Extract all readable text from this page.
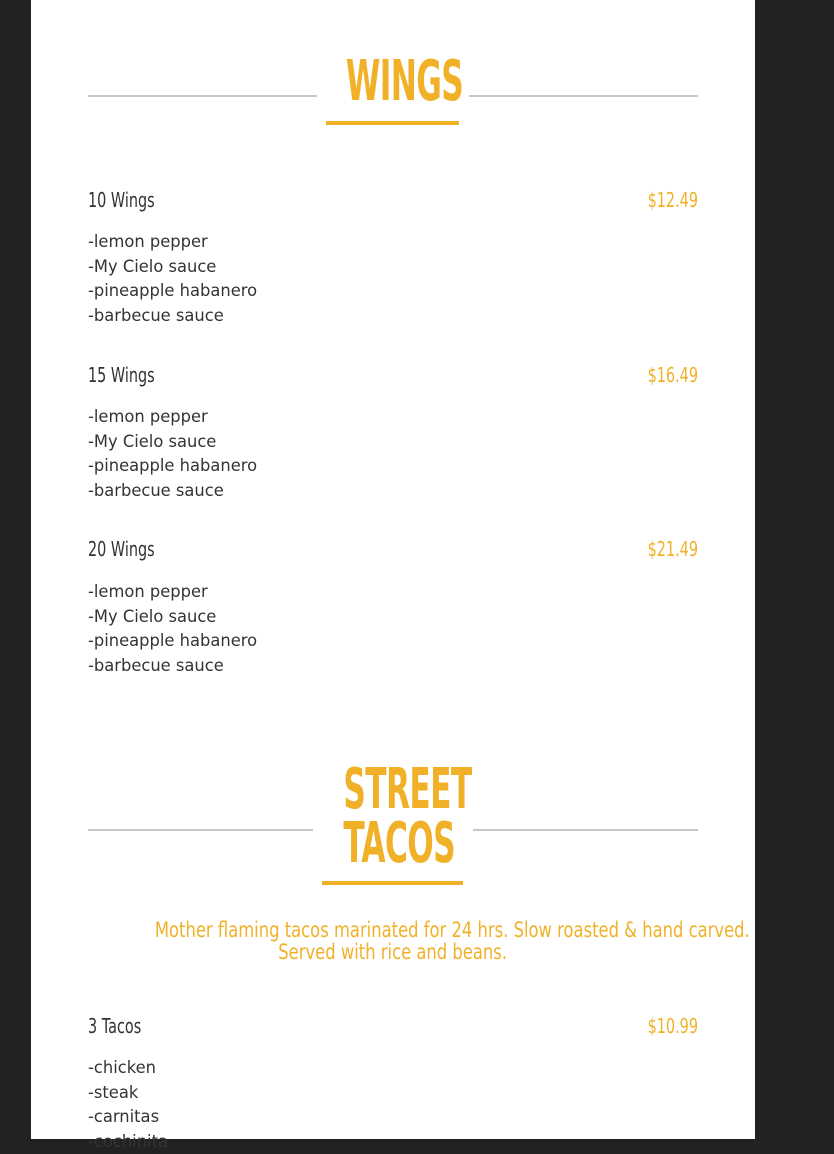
WINGS
10 Wings	$12.49
-lemon pepper
-My Cielo sauce
-pineapple habanero
-barbecue sauce
15 Wings	$16.49
-lemon pepper
-My Cielo sauce
-pineapple habanero
-barbecue sauce
20 Wings	$21.49
-lemon pepper
-My Cielo sauce
-pineapple habanero
-barbecue sauce
STREET
TACOS
Mother flaming tacos marinated for 24 hrs. Slow roasted & hand carved.
Served with rice and beans.
3 Tacos	$10.99
-chicken
-steak
-carnitas
-cochinita
